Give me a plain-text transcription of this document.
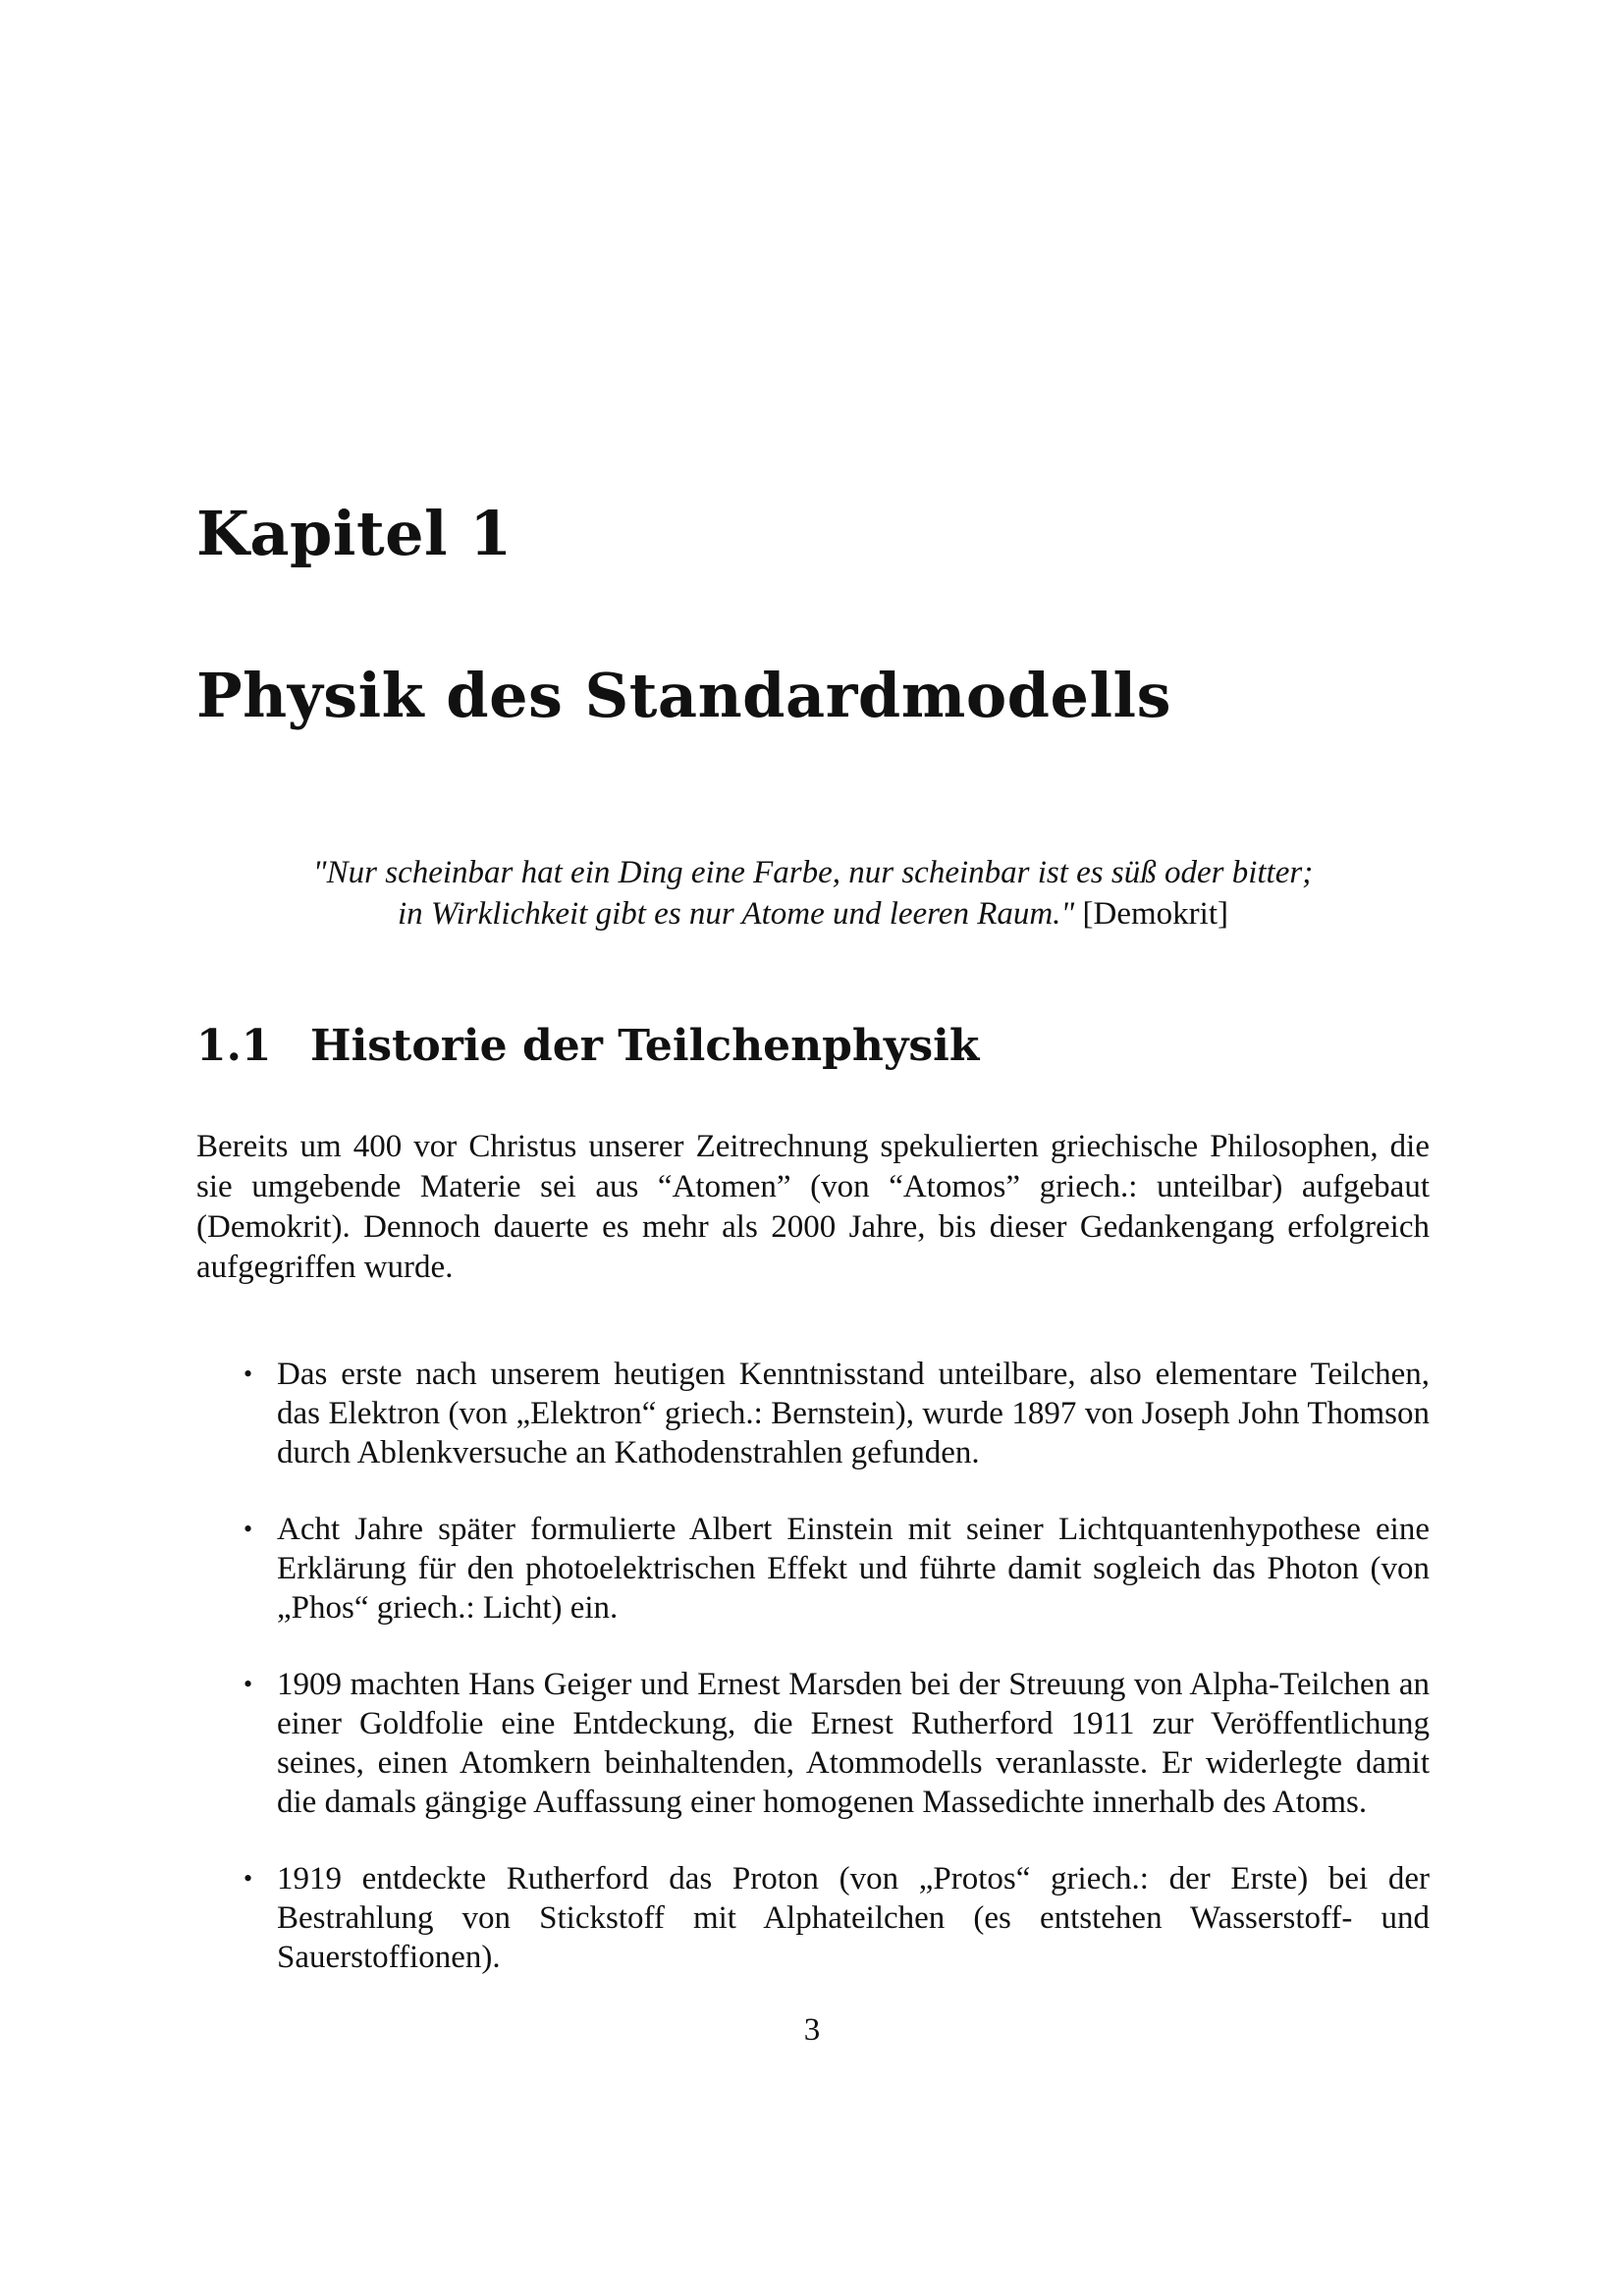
Kapitel 1
Physik des Standardmodells
"Nur scheinbar hat ein Ding eine Farbe, nur scheinbar ist es süß oder bitter;
in Wirklichkeit gibt es nur Atome und leeren Raum." [Demokrit]
1.1 Historie der Teilchenphysik

Bereits um 400 vor Christus unserer Zeitrechnung spekulierten griechische Philosophen, die sie umgebende Materie sei aus “Atomen” (von “Atomos” griech.: unteilbar) aufgebaut (Demokrit). Dennoch dauerte es mehr als 2000 Jahre, bis dieser Gedankengang erfolgreich aufgegriffen wurde.

• Das erste nach unserem heutigen Kenntnisstand unteilbare, also elementare Teilchen, das Elektron (von „Elektron“ griech.: Bernstein), wurde 1897 von Joseph John Thomson durch Ablenkversuche an Kathodenstrahlen gefunden.
• Acht Jahre später formulierte Albert Einstein mit seiner Lichtquantenhypothese eine Erklärung für den photoelektrischen Effekt und führte damit sogleich das Photon (von „Phos“ griech.: Licht) ein.
• 1909 machten Hans Geiger und Ernest Marsden bei der Streuung von Alpha-Teilchen an einer Goldfolie eine Entdeckung, die Ernest Rutherford 1911 zur Veröffentlichung seines, einen Atomkern beinhaltenden, Atommodells veranlasste. Er widerlegte damit die damals gängige Auffassung einer homogenen Massedichte innerhalb des Atoms.
• 1919 entdeckte Rutherford das Proton (von „Protos“ griech.: der Erste) bei der Bestrahlung von Stickstoff mit Alphateilchen (es entstehen Wasserstoff- und Sauerstoffionen).
3
